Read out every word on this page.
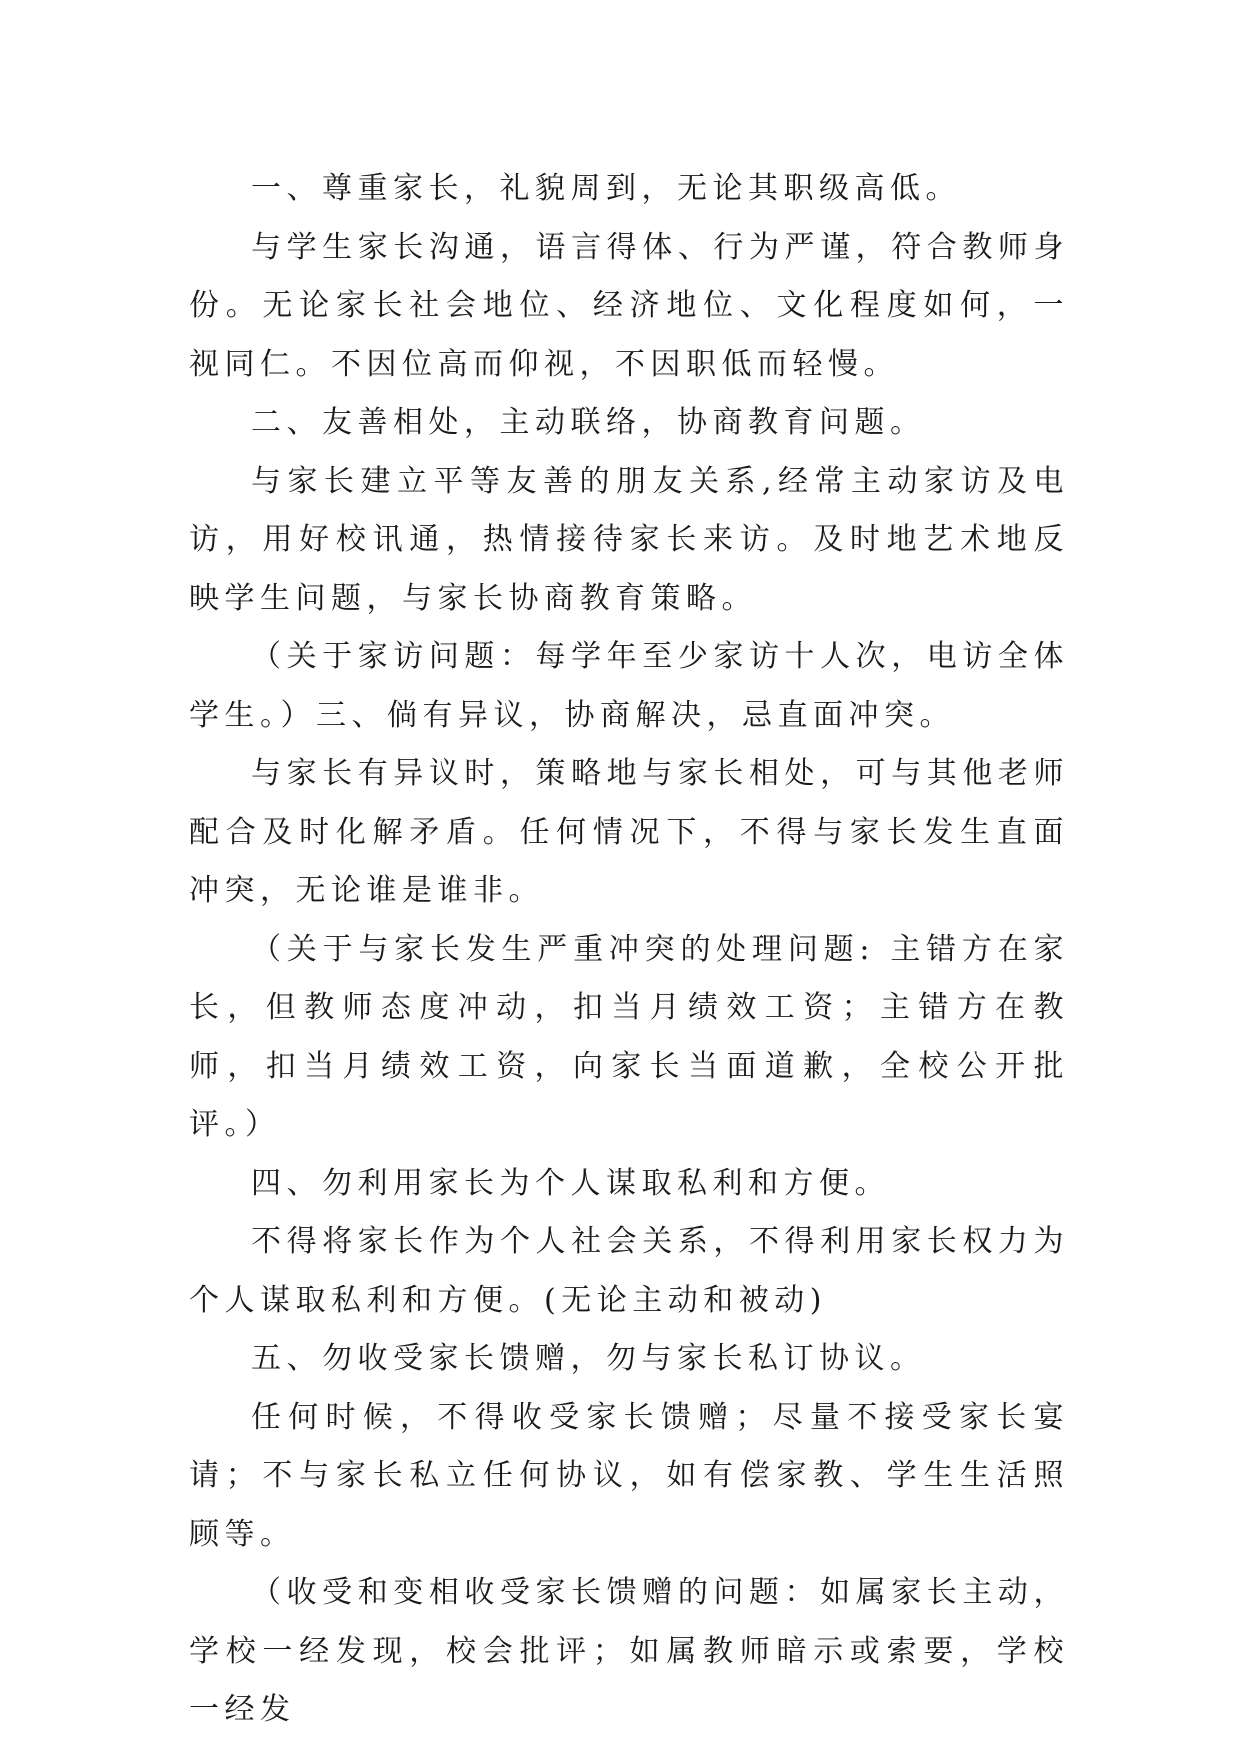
一、尊重家长，礼貌周到，无论其职级高低。

与学生家长沟通，语言得体、行为严谨，符合教师身份。无论家长社会地位、经济地位、文化程度如何，一视同仁。不因位高而仰视，不因职低而轻慢。

二、友善相处，主动联络，协商教育问题。

与家长建立平等友善的朋友关系,经常主动家访及电访，用好校讯通，热情接待家长来访。及时地艺术地反映学生问题，与家长协商教育策略。

（关于家访问题：每学年至少家访十人次，电访全体学生。）三、倘有异议，协商解决，忌直面冲突。

与家长有异议时，策略地与家长相处，可与其他老师配合及时化解矛盾。任何情况下，不得与家长发生直面冲突，无论谁是谁非。

（关于与家长发生严重冲突的处理问题: 主错方在家长，但教师态度冲动，扣当月绩效工资；主错方在教师，扣当月绩效工资，向家长当面道歉，全校公开批评。）

四、勿利用家长为个人谋取私利和方便。

不得将家长作为个人社会关系，不得利用家长权力为个人谋取私利和方便。(无论主动和被动)

五、勿收受家长馈赠，勿与家长私订协议。

任何时候，不得收受家长馈赠；尽量不接受家长宴请；不与家长私立任何协议，如有偿家教、学生生活照顾等。

（收受和变相收受家长馈赠的问题：如属家长主动，学校一经发现，校会批评；如属教师暗示或索要，学校一经发
